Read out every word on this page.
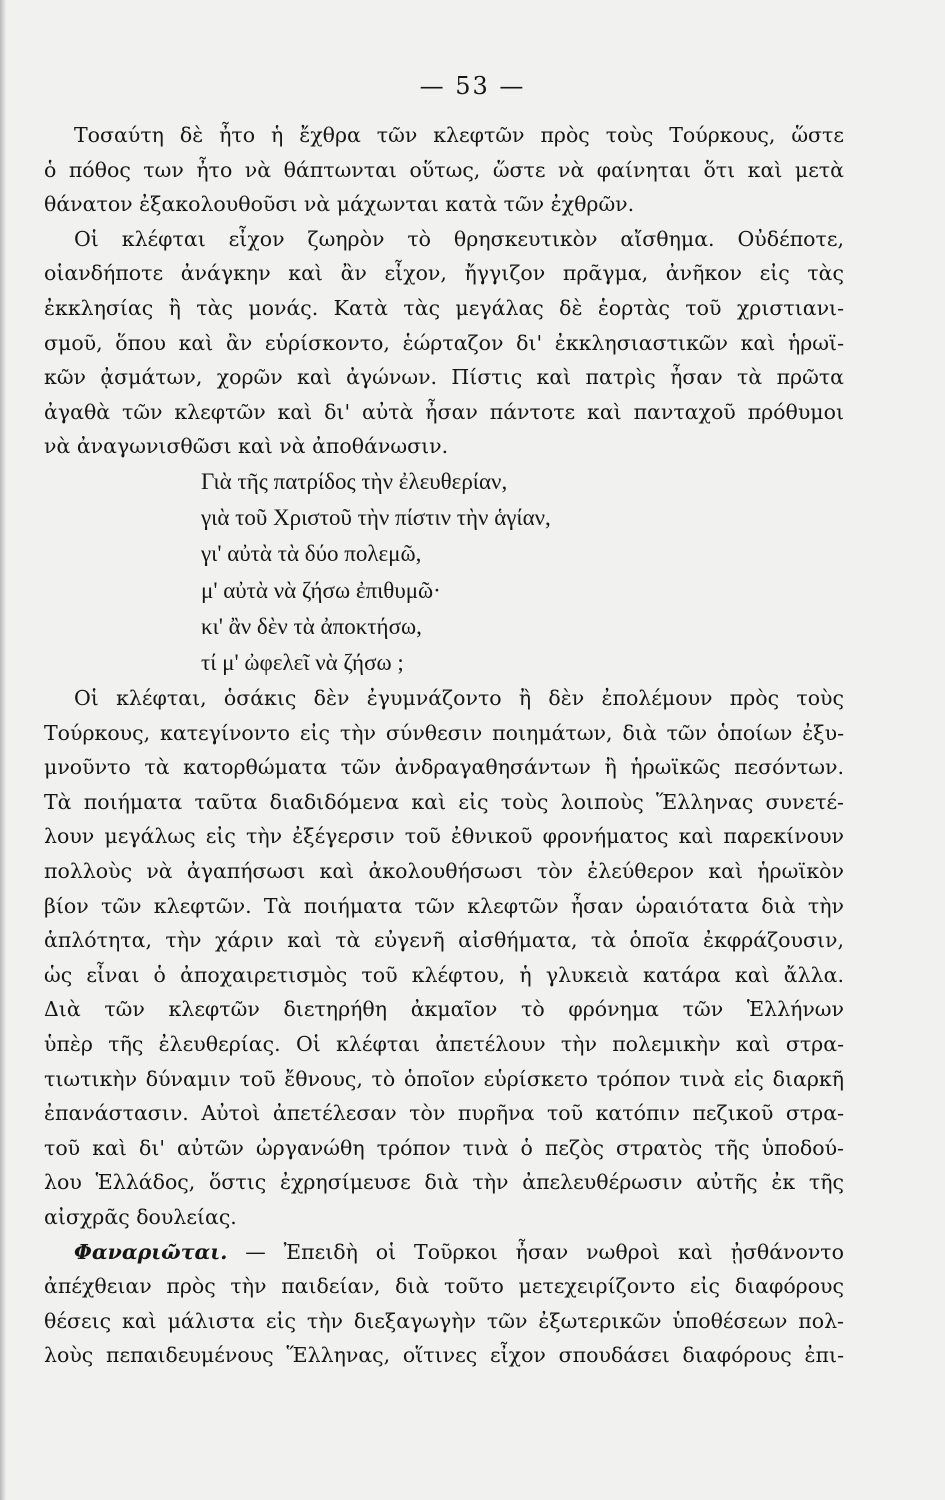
— 53 —
Τοσαύτη δὲ ἦτο ἡ ἔχθρα τῶν κλεφτῶν πρὸς τοὺς Τούρκους, ὥστε
ὁ πόθος των ἦτο νὰ θάπτωνται οὕτως, ὥστε νὰ φαίνηται ὅτι καὶ μετὰ
θάνατον ἐξακολουθοῦσι νὰ μάχωνται κατὰ τῶν ἐχθρῶν.
Οἱ κλέφται εἶχον ζωηρὸν τὸ θρησκευτικὸν αἴσθημα. Οὐδέποτε,
οἱανδήποτε ἀνάγκην καὶ ἂν εἶχον, ἤγγιζον πρᾶγμα, ἀνῆκον εἰς τὰς
ἐκκλησίας ἢ τὰς μονάς. Κατὰ τὰς μεγάλας δὲ ἑορτὰς τοῦ χριστιανι-
σμοῦ, ὅπου καὶ ἂν εὑρίσκοντο, ἑώρταζον δι' ἐκκλησιαστικῶν καὶ ἡρωϊ-
κῶν ᾀσμάτων, χορῶν καὶ ἀγώνων. Πίστις καὶ πατρὶς ἦσαν τὰ πρῶτα
ἀγαθὰ τῶν κλεφτῶν καὶ δι' αὐτὰ ἦσαν πάντοτε καὶ πανταχοῦ πρόθυμοι
νὰ ἀναγωνισθῶσι καὶ νὰ ἀποθάνωσιν.
Γιὰ τῆς πατρίδος τὴν ἐλευθερίαν,
γιὰ τοῦ Χριστοῦ τὴν πίστιν τὴν ἁγίαν,
γι' αὐτὰ τὰ δύο πολεμῶ,
μ' αὐτὰ νὰ ζήσω ἐπιθυμῶ·
κι' ἂν δὲν τὰ ἀποκτήσω,
τί μ' ὠφελεῖ νὰ ζήσω ;
Οἱ κλέφται, ὁσάκις δὲν ἐγυμνάζοντο ἢ δὲν ἐπολέμουν πρὸς τοὺς
Τούρκους, κατεγίνοντο εἰς τὴν σύνθεσιν ποιημάτων, διὰ τῶν ὁποίων ἐξυ-
μνοῦντο τὰ κατορθώματα τῶν ἀνδραγαθησάντων ἢ ἡρωϊκῶς πεσόντων.
Τὰ ποιήματα ταῦτα διαδιδόμενα καὶ εἰς τοὺς λοιποὺς Ἕλληνας συνετέ-
λουν μεγάλως εἰς τὴν ἐξέγερσιν τοῦ ἐθνικοῦ φρονήματος καὶ παρεκίνουν
πολλοὺς νὰ ἀγαπήσωσι καὶ ἀκολουθήσωσι τὸν ἐλεύθερον καὶ ἡρωϊκὸν
βίον τῶν κλεφτῶν. Τὰ ποιήματα τῶν κλεφτῶν ἦσαν ὡραιότατα διὰ τὴν
ἁπλότητα, τὴν χάριν καὶ τὰ εὐγενῆ αἰσθήματα, τὰ ὁποῖα ἐκφράζουσιν,
ὡς εἶναι ὁ ἀποχαιρετισμὸς τοῦ κλέφτου, ἡ γλυκειὰ κατάρα καὶ ἄλλα.
Διὰ τῶν κλεφτῶν διετηρήθη ἀκμαῖον τὸ φρόνημα τῶν Ἑλλήνων
ὑπὲρ τῆς ἐλευθερίας. Οἱ κλέφται ἀπετέλουν τὴν πολεμικὴν καὶ στρα-
τιωτικὴν δύναμιν τοῦ ἔθνους, τὸ ὁποῖον εὑρίσκετο τρόπον τινὰ εἰς διαρκῆ
ἐπανάστασιν. Αὐτοὶ ἀπετέλεσαν τὸν πυρῆνα τοῦ κατόπιν πεζικοῦ στρα-
τοῦ καὶ δι' αὐτῶν ὠργανώθη τρόπον τινὰ ὁ πεζὸς στρατὸς τῆς ὑποδού-
λου Ἑλλάδος, ὅστις ἐχρησίμευσε διὰ τὴν ἀπελευθέρωσιν αὐτῆς ἐκ τῆς
αἰσχρᾶς δουλείας.
Φαναριῶται. — Ἐπειδὴ οἱ Τοῦρκοι ἦσαν νωθροὶ καὶ ᾐσθάνοντο
ἀπέχθειαν πρὸς τὴν παιδείαν, διὰ τοῦτο μετεχειρίζοντο εἰς διαφόρους
θέσεις καὶ μάλιστα εἰς τὴν διεξαγωγὴν τῶν ἐξωτερικῶν ὑποθέσεων πολ-
λοὺς πεπαιδευμένους Ἕλληνας, οἵτινες εἶχον σπουδάσει διαφόρους ἐπι-
